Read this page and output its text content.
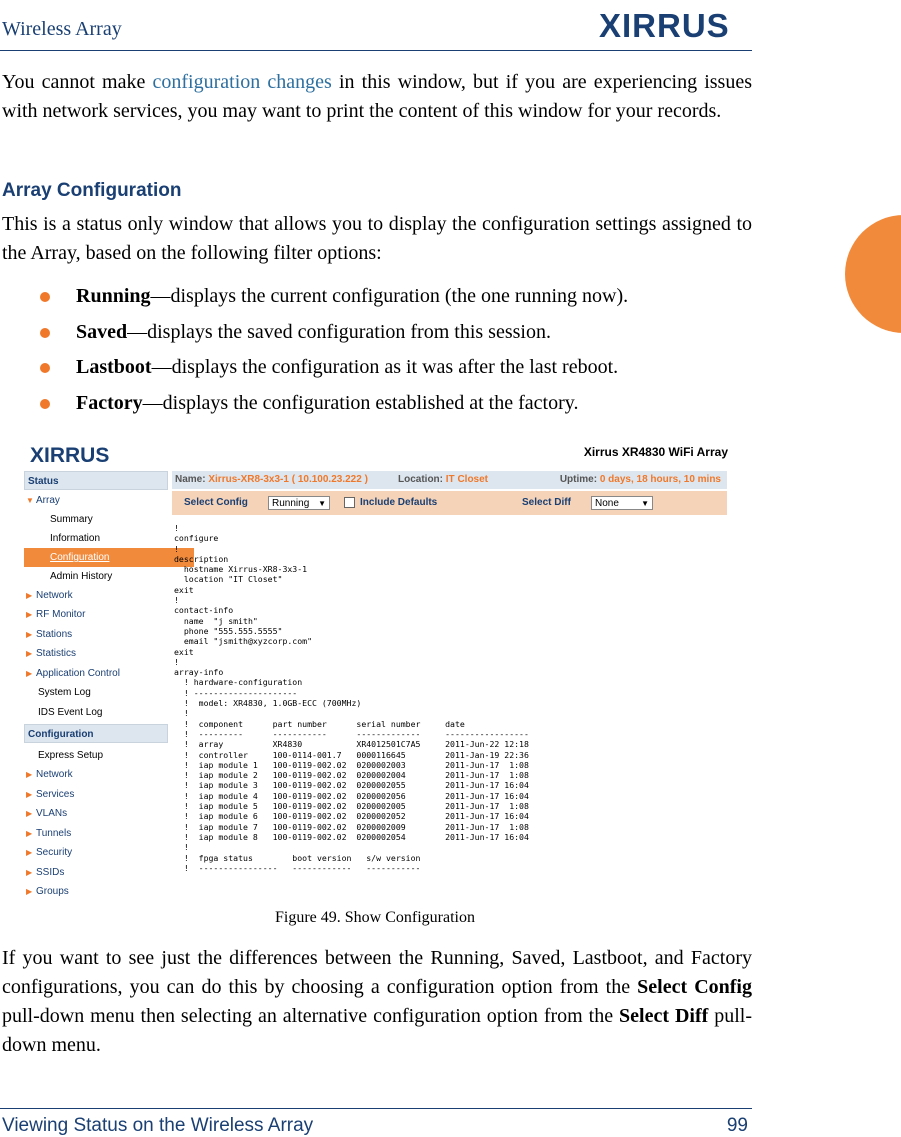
Wireless Array	XIRRUS
You cannot make configuration changes in this window, but if you are experiencing issues with network services, you may want to print the content of this window for your records.
Array Configuration
This is a status only window that allows you to display the configuration settings assigned to the Array, based on the following filter options:
Running—displays the current configuration (the one running now).
Saved—displays the saved configuration from this session.
Lastboot—displays the configuration as it was after the last reboot.
Factory—displays the configuration established at the factory.
XIRRUS	Xirrus XR4830 WiFi Array
Status
▼ Array
Summary
Information
Configuration
Admin History
▶ Network
▶ RF Monitor
▶ Stations
▶ Statistics
▶ Application Control
System Log
IDS Event Log
Configuration
Express Setup
▶ Network
▶ Services
▶ VLANs
▶ Tunnels
▶ Security
▶ SSIDs
▶ Groups
Name: Xirrus-XR8-3x3-1 ( 10.100.23.222 )	Location: IT Closet	Uptime: 0 days, 18 hours, 10 mins
Select Config	Running ▼	Include Defaults	Select Diff	None	▼
!
configure
!
description
hostname Xirrus-XR8-3x3-1
location "IT Closet"
exit
!
contact-info
name  "j smith"
phone "555.555.5555"
email "jsmith@xyzcorp.com"
exit
!
array-info
! hardware-configuration
! ---------------------
!  model: XR4830, 1.0GB-ECC (700MHz)
!
!  component      part number      serial number     date
!  ---------      -----------      -------------     -----------------
!  array          XR4830           XR4012501C7A5     2011-Jun-22 12:18
!  controller     100-0114-001.7   0000116645        2011-Jan-19 22:36
!  iap module 1   100-0119-002.02  0200002003        2011-Jun-17  1:08
!  iap module 2   100-0119-002.02  0200002004        2011-Jun-17  1:08
!  iap module 3   100-0119-002.02  0200002055        2011-Jun-17 16:04
!  iap module 4   100-0119-002.02  0200002056        2011-Jun-17 16:04
!  iap module 5   100-0119-002.02  0200002005        2011-Jun-17  1:08
!  iap module 6   100-0119-002.02  0200002052        2011-Jun-17 16:04
!  iap module 7   100-0119-002.02  0200002009        2011-Jun-17  1:08
!  iap module 8   100-0119-002.02  0200002054        2011-Jun-17 16:04
!
!  fpga status        boot version   s/w version
!  ----------------   ------------   -----------
Figure 49. Show Configuration
If you want to see just the differences between the Running, Saved, Lastboot, and Factory configurations, you can do this by choosing a configuration option from the Select Config pull-down menu then selecting an alternative configuration option from the Select Diff pull-down menu.
Viewing Status on the Wireless Array	99
